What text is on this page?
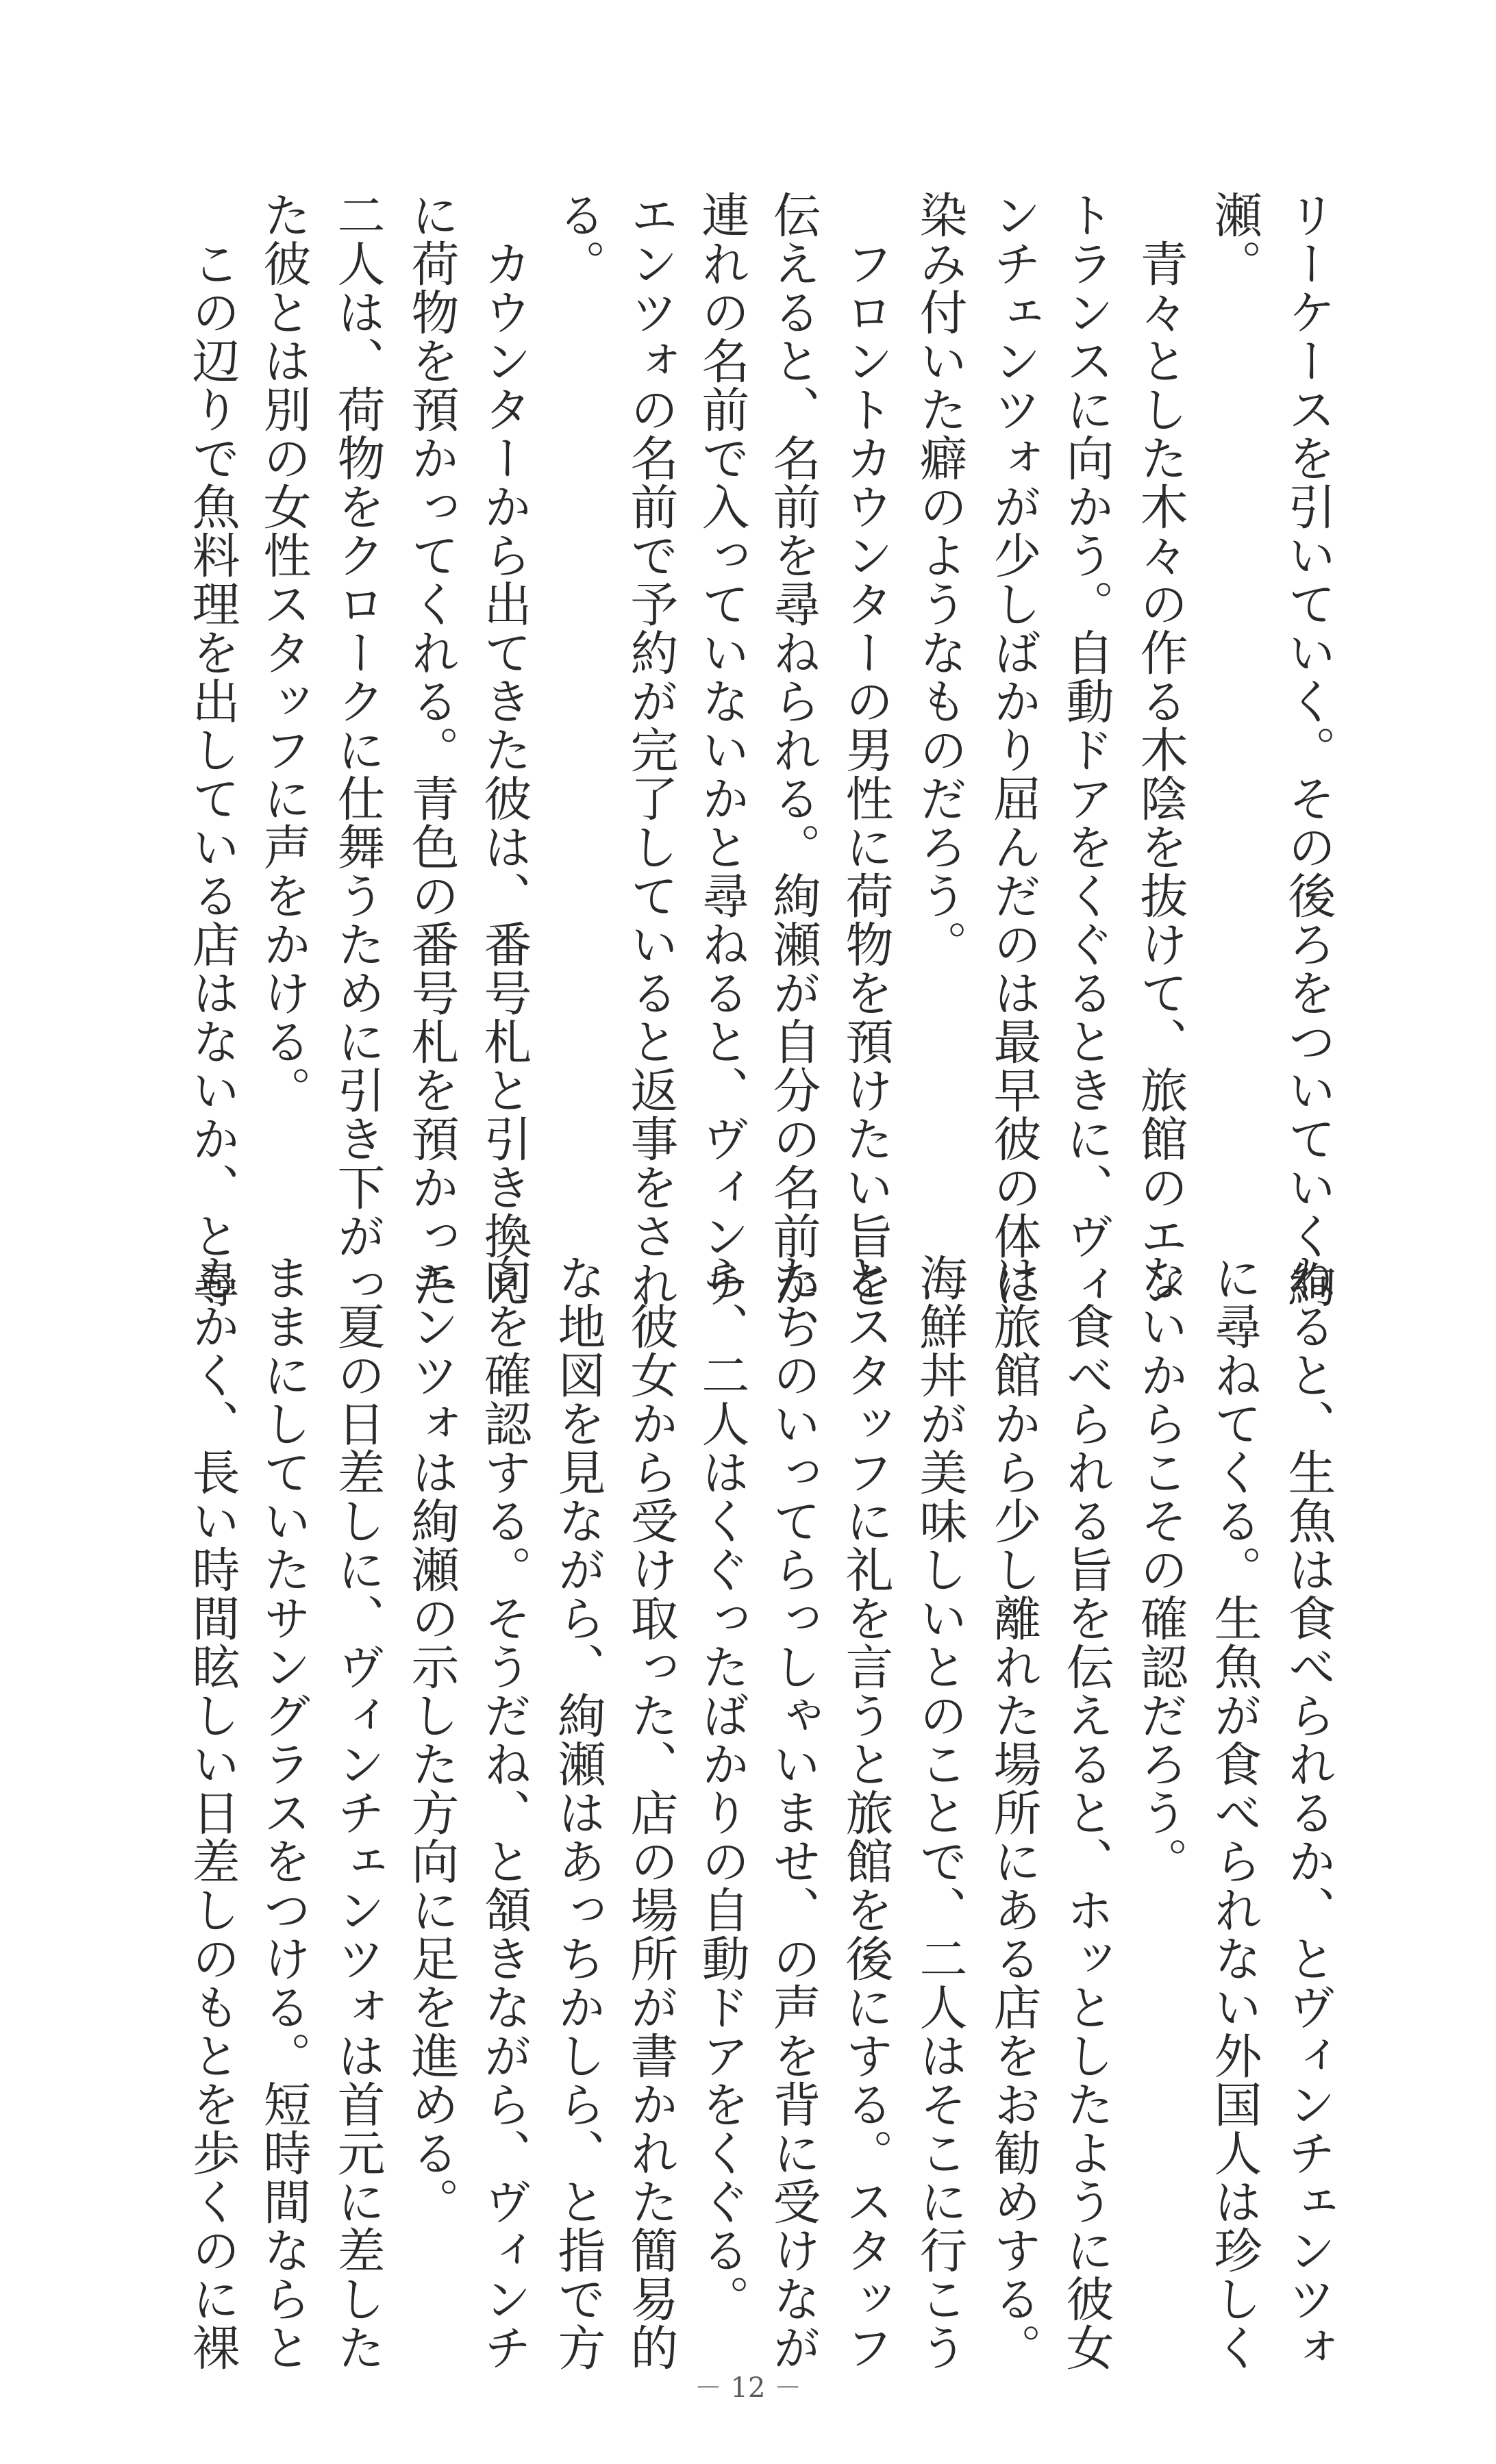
リーケースを引いていく。その後ろをついていく絢
瀬。
　青々とした木々の作る木陰を抜けて、旅館のエン
トランスに向かう。自動ドアをくぐるときに、ヴィ
ンチェンツォが少しばかり屈んだのは最早彼の体に
染み付いた癖のようなものだろう。
　フロントカウンターの男性に荷物を預けたい旨を
伝えると、名前を尋ねられる。絢瀬が自分の名前か、
連れの名前で入っていないかと尋ねると、ヴィンチ
エンツォの名前で予約が完了していると返事をされ
る。
　カウンターから出てきた彼は、番号札と引き換え
に荷物を預かってくれる。青色の番号札を預かった
二人は、荷物をクロークに仕舞うために引き下がっ
た彼とは別の女性スタッフに声をかける。
　この辺りで魚料理を出している店はないか、と尋
ねると、生魚は食べられるか、とヴィンチェンツォ
に尋ねてくる。生魚が食べられない外国人は珍しく
ないからこその確認だろう。
　食べられる旨を伝えると、ホッとしたように彼女
は旅館から少し離れた場所にある店をお勧めする。
海鮮丼が美味しいとのことで、二人はそこに行こう
とスタッフに礼を言うと旅館を後にする。スタッフ
たちのいってらっしゃいませ、の声を背に受けなが
ら、二人はくぐったばかりの自動ドアをくぐる。
　彼女から受け取った、店の場所が書かれた簡易的
な地図を見ながら、絢瀬はあっちかしら、と指で方
向を確認する。そうだね、と頷きながら、ヴィンチ
エンツォは絢瀬の示した方向に足を進める。
　夏の日差しに、ヴィンチェンツォは首元に差した
ままにしていたサングラスをつける。短時間ならと
もかく、長い時間眩しい日差しのもとを歩くのに裸
－ 12 －
